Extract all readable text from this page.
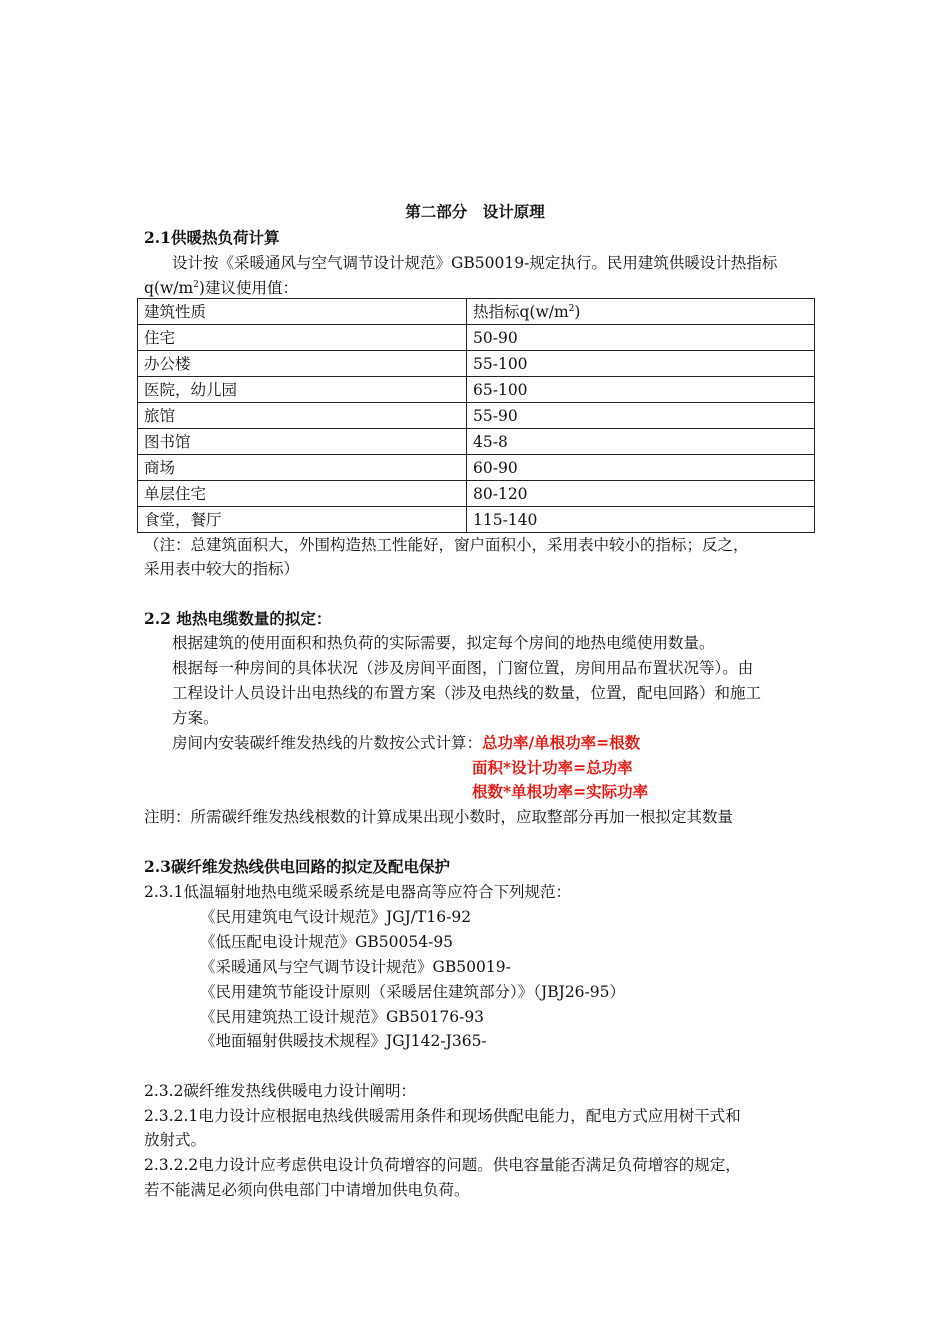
第二部分　设计原理
2.1供暖热负荷计算
设计按《采暖通风与空气调节设计规范》GB50019-规定执行。民用建筑供暖设计热指标
$q(w/m^2)$建议使用值：
建筑性质	热指标$q(w/m^2)$
住宅	50-90
办公楼	55-100
医院，幼儿园	65-100
旅馆	55-90
图书馆	45-8
商场	60-90
单层住宅	80-120
食堂，餐厅	115-140
（注：总建筑面积大，外围构造热工性能好，窗户面积小，采用表中较小的指标；反之，
采用表中较大的指标）
2.2 地热电缆数量的拟定：
根据建筑的使用面积和热负荷的实际需要，拟定每个房间的地热电缆使用数量。
根据每一种房间的具体状况（涉及房间平面图，门窗位置，房间用品布置状况等）。由
工程设计人员设计出电热线的布置方案（涉及电热线的数量，位置，配电回路）和施工
方案。
房间内安装碳纤维发热线的片数按公式计算：总功率/单根功率=根数
面积*设计功率=总功率
根数*单根功率=实际功率
注明：所需碳纤维发热线根数的计算成果出现小数时，应取整部分再加一根拟定其数量
2.3碳纤维发热线供电回路的拟定及配电保护
2.3.1低温辐射地热电缆采暖系统是电器高等应符合下列规范：
《民用建筑电气设计规范》JGJ/T16-92
《低压配电设计规范》GB50054-95
《采暖通风与空气调节设计规范》GB50019-
《民用建筑节能设计原则（采暖居住建筑部分）》（JBJ26-95）
《民用建筑热工设计规范》GB50176-93
《地面辐射供暖技术规程》JGJ142-J365-
2.3.2碳纤维发热线供暖电力设计阐明：
2.3.2.1电力设计应根据电热线供暖需用条件和现场供配电能力，配电方式应用树干式和
放射式。
2.3.2.2电力设计应考虑供电设计负荷增容的问题。供电容量能否满足负荷增容的规定，
若不能满足必须向供电部门中请增加供电负荷。
